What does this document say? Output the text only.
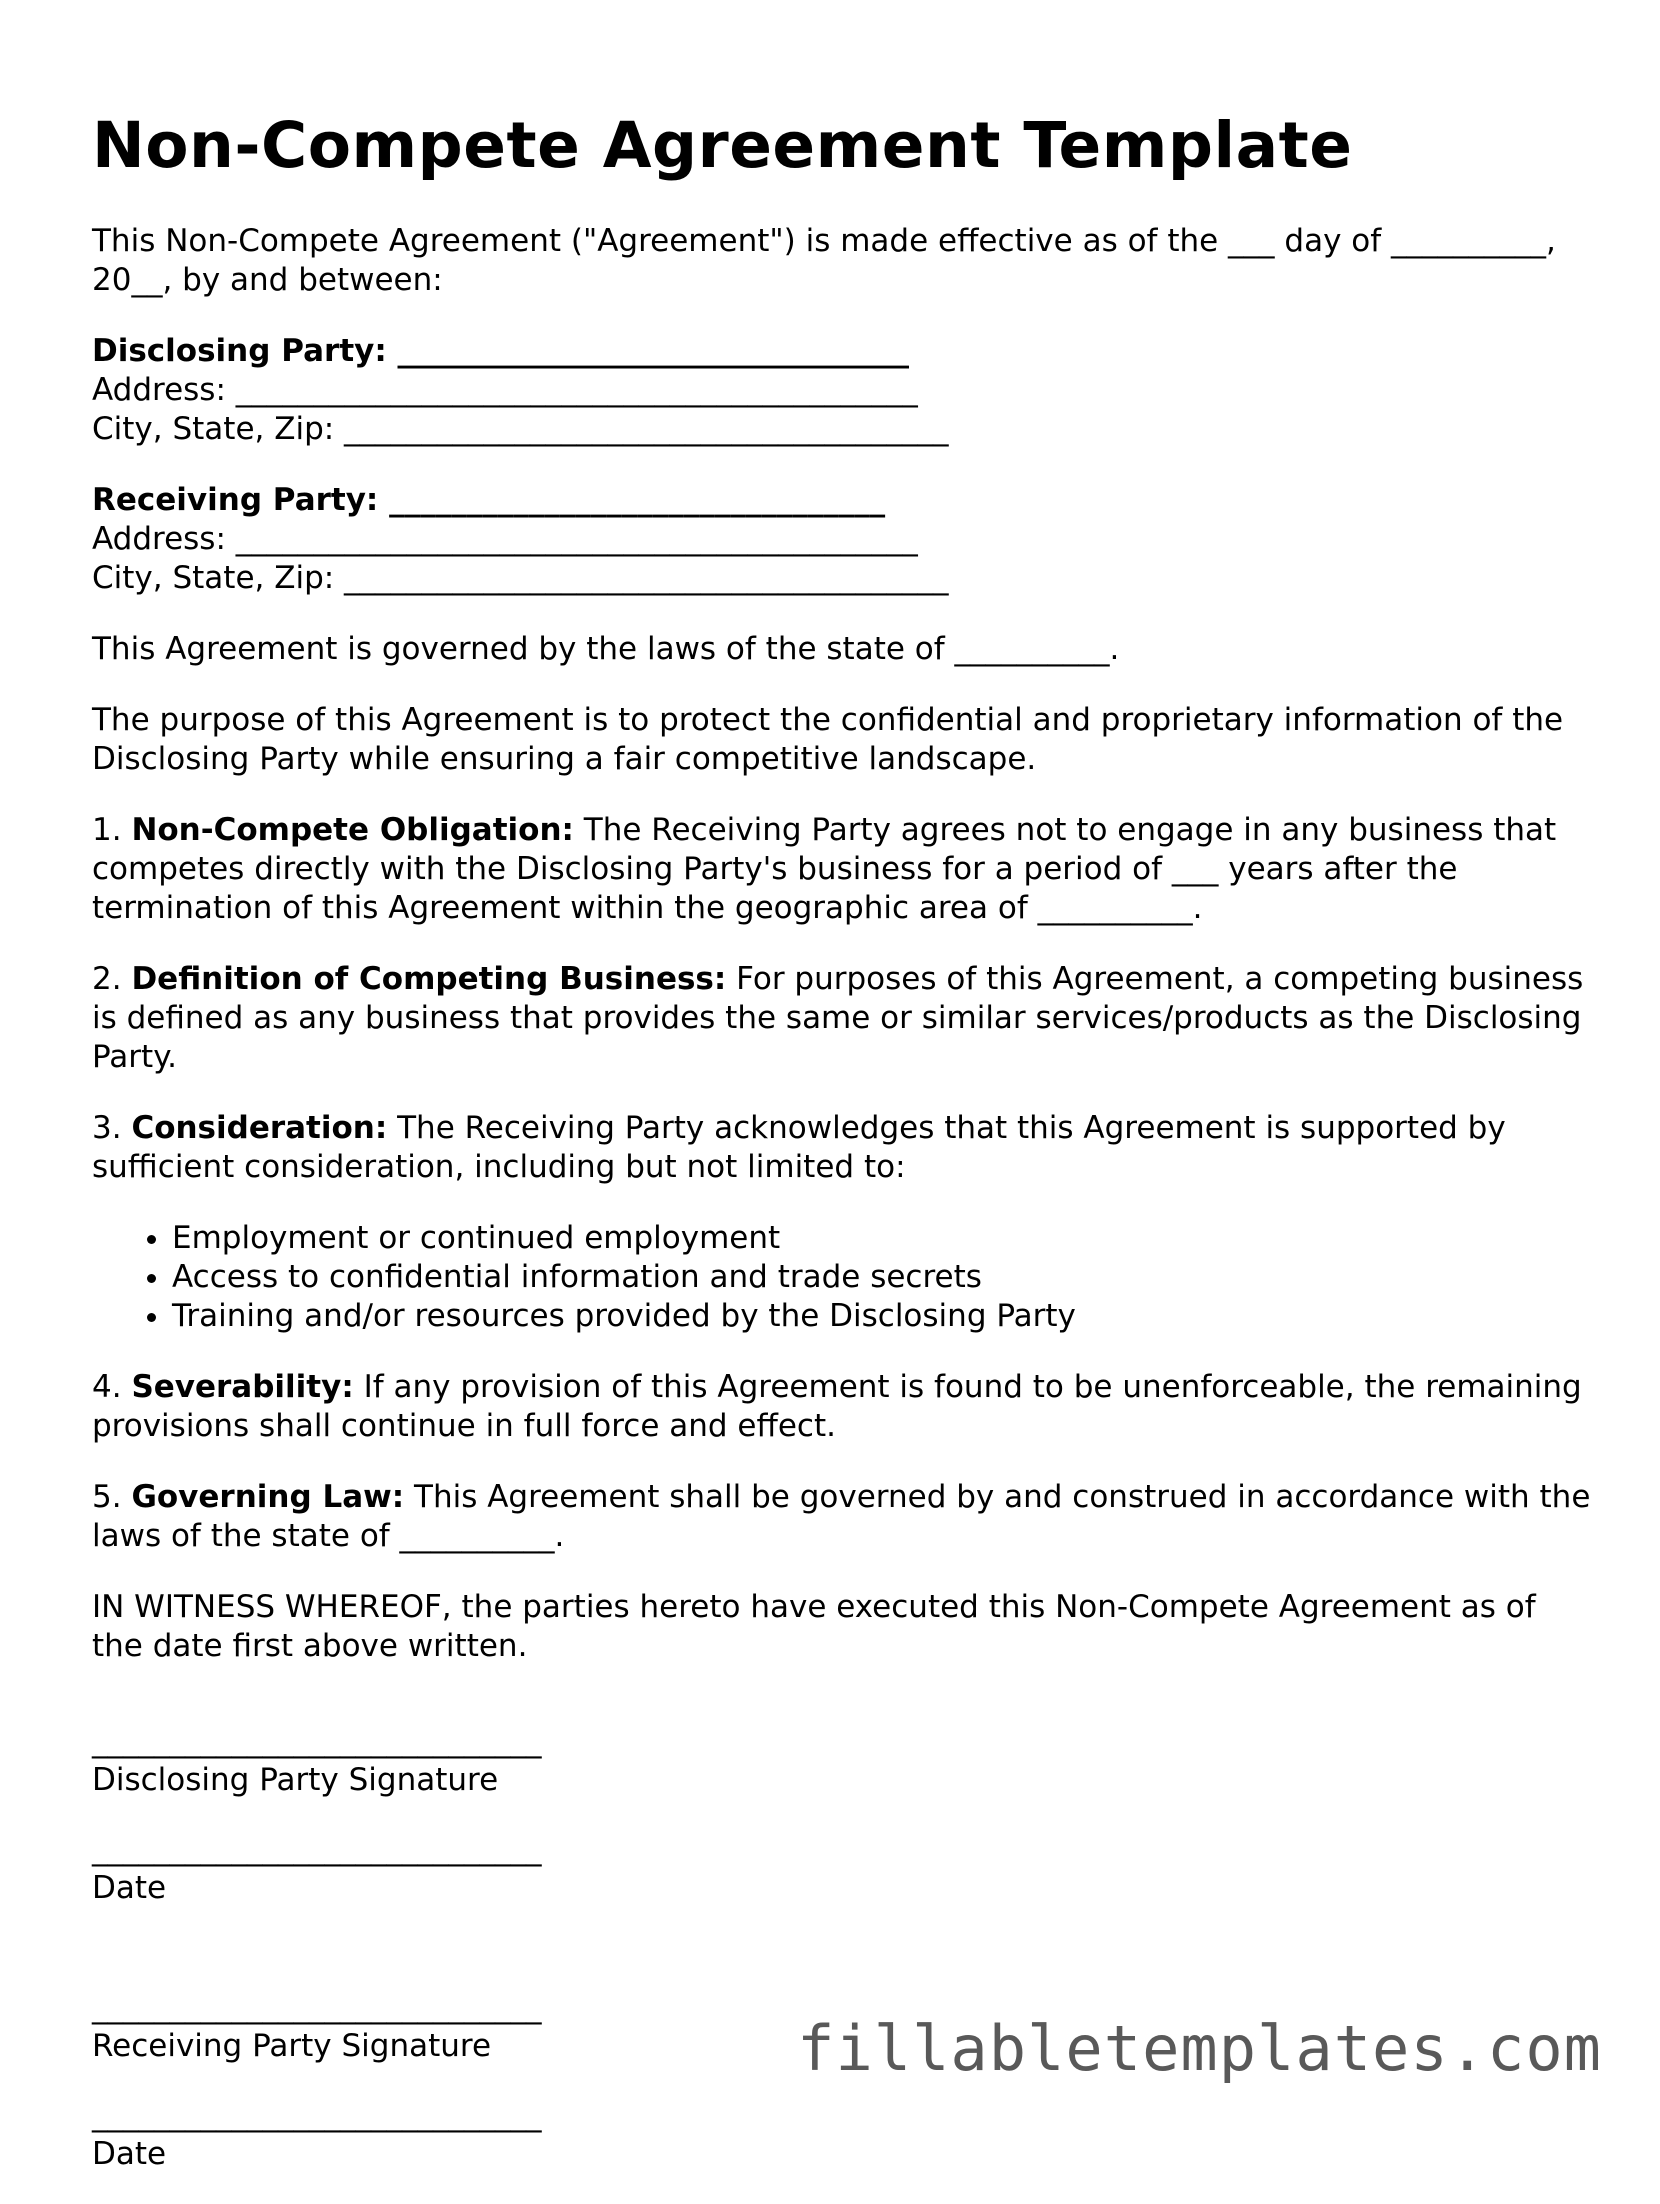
Non-Compete Agreement Template

This Non-Compete Agreement ("Agreement") is made effective as of the ___ day of __________, 20__, by and between:

Disclosing Party: _________________________________
Address: ____________________________________________
City, State, Zip: _______________________________________
Receiving Party: ________________________________
Address: ____________________________________________
City, State, Zip: _______________________________________

This Agreement is governed by the laws of the state of __________.

The purpose of this Agreement is to protect the confidential and proprietary information of the Disclosing Party while ensuring a fair competitive landscape.

1. Non-Compete Obligation: The Receiving Party agrees not to engage in any business that competes directly with the Disclosing Party's business for a period of ___ years after the termination of this Agreement within the geographic area of __________.

2. Definition of Competing Business: For purposes of this Agreement, a competing business is defined as any business that provides the same or similar services/products as the Disclosing Party.

3. Consideration: The Receiving Party acknowledges that this Agreement is supported by sufficient consideration, including but not limited to:

• Employment or continued employment
• Access to confidential information and trade secrets
• Training and/or resources provided by the Disclosing Party

4. Severability: If any provision of this Agreement is found to be unenforceable, the remaining provisions shall continue in full force and effect.

5. Governing Law: This Agreement shall be governed by and construed in accordance with the laws of the state of __________.

IN WITNESS WHEREOF, the parties hereto have executed this Non-Compete Agreement as of the date first above written.

_____________________________
Disclosing Party Signature
_____________________________
Date
_____________________________
Receiving Party Signature
_____________________________
Date
fillabletemplates.com
